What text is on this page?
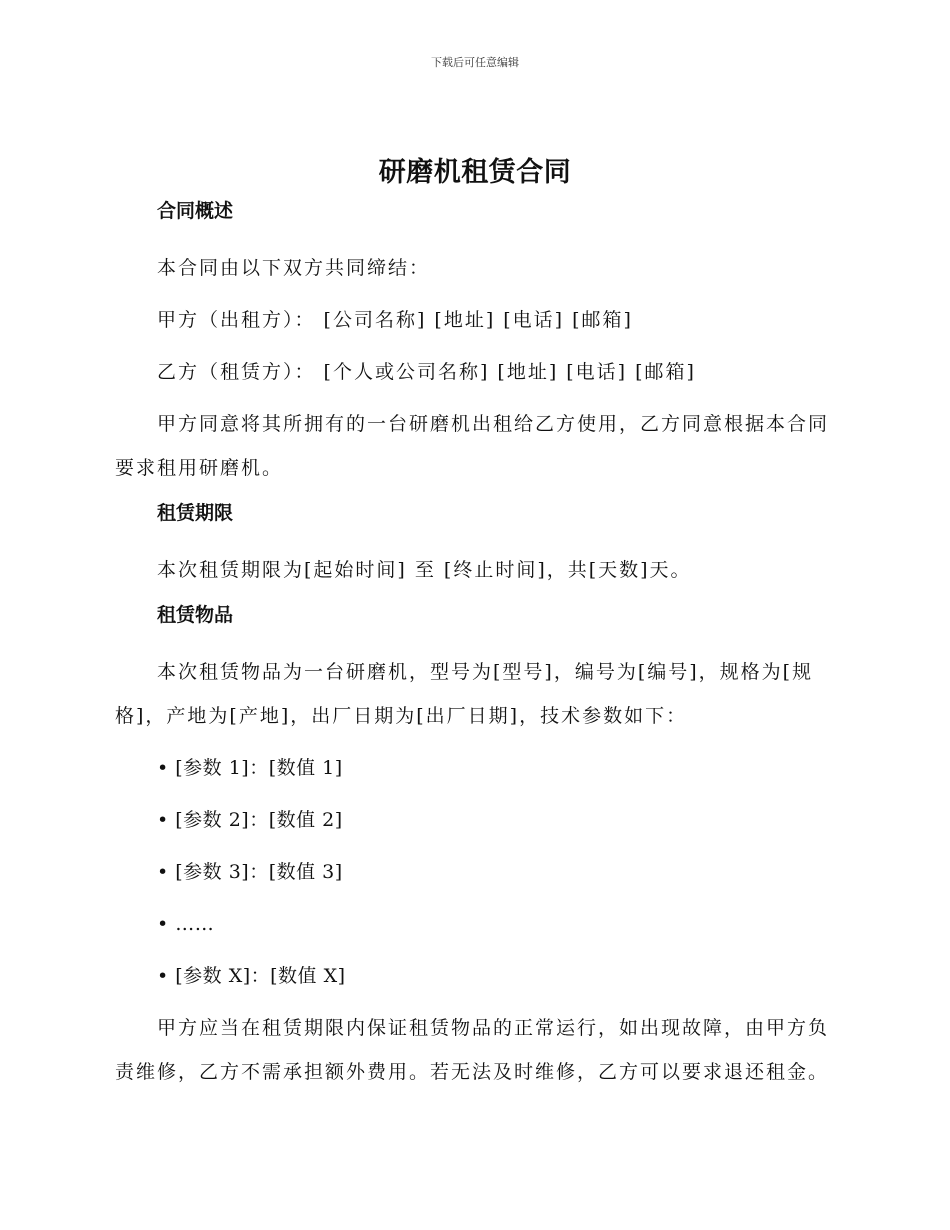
下载后可任意编辑
研磨机租赁合同
合同概述

本合同由以下双方共同缔结：

甲方（出租方）： [公司名称] [地址] [电话] [邮箱]

乙方（租赁方）： [个人或公司名称] [地址] [电话] [邮箱]

甲方同意将其所拥有的一台研磨机出租给乙方使用，乙方同意根据本合同要求租用研磨机。

租赁期限

本次租赁期限为[起始时间] 至 [终止时间]，共[天数]天。

租赁物品

本次租赁物品为一台研磨机，型号为[型号]，编号为[编号]，规格为[规格]，产地为[产地]，出厂日期为[出厂日期]，技术参数如下：

• [参数 1]：[数值 1]

• [参数 2]：[数值 2]

• [参数 3]：[数值 3]

• ……

• [参数 X]：[数值 X]

甲方应当在租赁期限内保证租赁物品的正常运行，如出现故障，由甲方负责维修，乙方不需承担额外费用。若无法及时维修，乙方可以要求退还租金。
